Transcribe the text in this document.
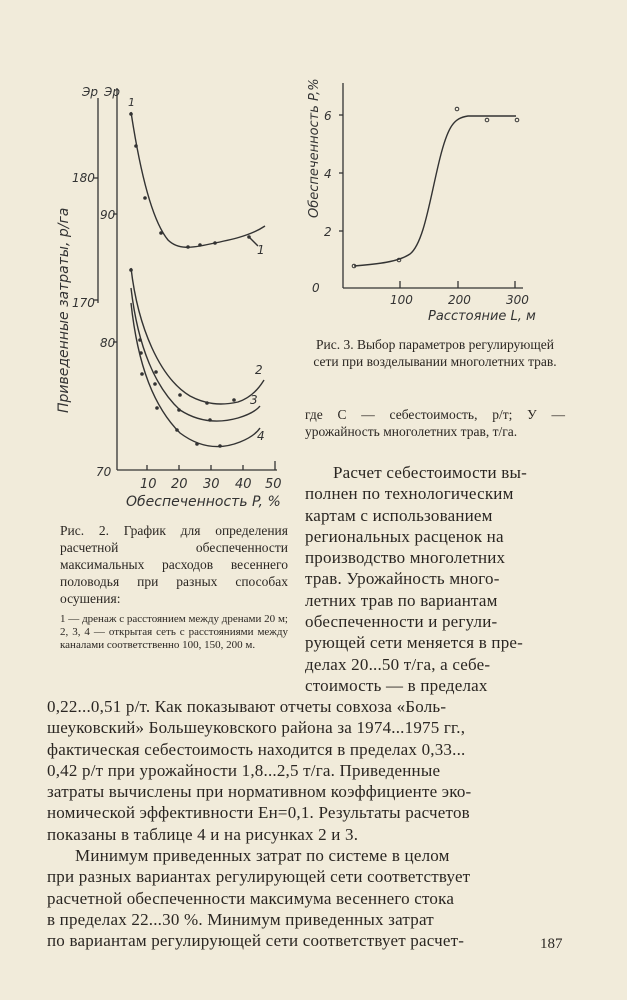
Приведенные затраты, р/га
Эр
180
170
Эр
90
80
70
10 20 30 40 50
Обеспеченность P, %
1
1
2
3
4
Рис. 2. График для определения расчетной обеспеченности максимальных расходов весеннего половодья при разных способах осушения:
1 — дренаж с расстоянием между дренами 20 м; 2, 3, 4 — открытая сеть с расстояниями между каналами соответственно 100, 150, 200 м.
Обеспеченность P,% 6
4
2
0
100	200	300
Расстояние L, м
Рис. 3. Выбор параметров регулирующей сети при возделывании многолетних трав.
где С — себестоимость, р/т; У — урожайность многолетних трав, т/га.
Расчет себестоимости вы-
полнен по технологическим
картам с использованием
региональных расценок на
производство многолетних
трав. Урожайность много-
летних трав по вариантам
обеспеченности и регули-
рующей сети меняется в пре-
делах 20...50 т/га, а себе-
стоимость — в пределах
0,22...0,51 р/т. Как показывают отчеты совхоза «Боль-
шеуковский» Большеуковского района за 1974...1975 гг.,
фактическая себестоимость находится в пределах 0,33...
0,42 р/т при урожайности 1,8...2,5 т/га. Приведенные
затраты вычислены при нормативном коэффициенте эко-
номической эффективности Eн=0,1. Результаты расчетов
показаны в таблице 4 и на рисунках 2 и 3.
Минимум приведенных затрат по системе в целом
при разных вариантах регулирующей сети соответствует
расчетной обеспеченности максимума весеннего стока
в пределах 22...30 %. Минимум приведенных затрат
по вариантам регулирующей сети соответствует расчет-	187
